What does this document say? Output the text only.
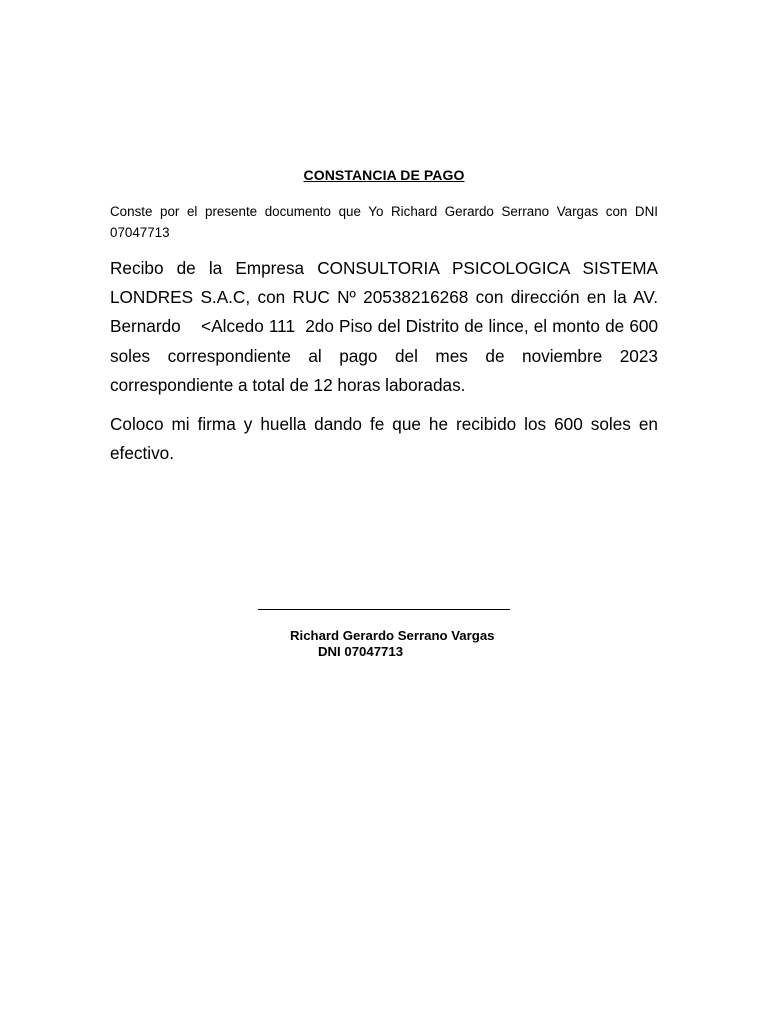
CONSTANCIA DE PAGO
Conste por el presente documento que Yo Richard Gerardo Serrano Vargas con DNI 07047713
Recibo de la Empresa CONSULTORIA PSICOLOGICA SISTEMA LONDRES S.A.C, con RUC Nº 20538216268 con dirección en la AV. Bernardo    <Alcedo 111  2do Piso del Distrito de lince, el monto de 600 soles correspondiente al pago del mes de noviembre 2023 correspondiente a total de 12 horas laboradas.
Coloco mi firma y huella dando fe que he recibido los 600 soles en efectivo.
Richard Gerardo Serrano Vargas
DNI 07047713
